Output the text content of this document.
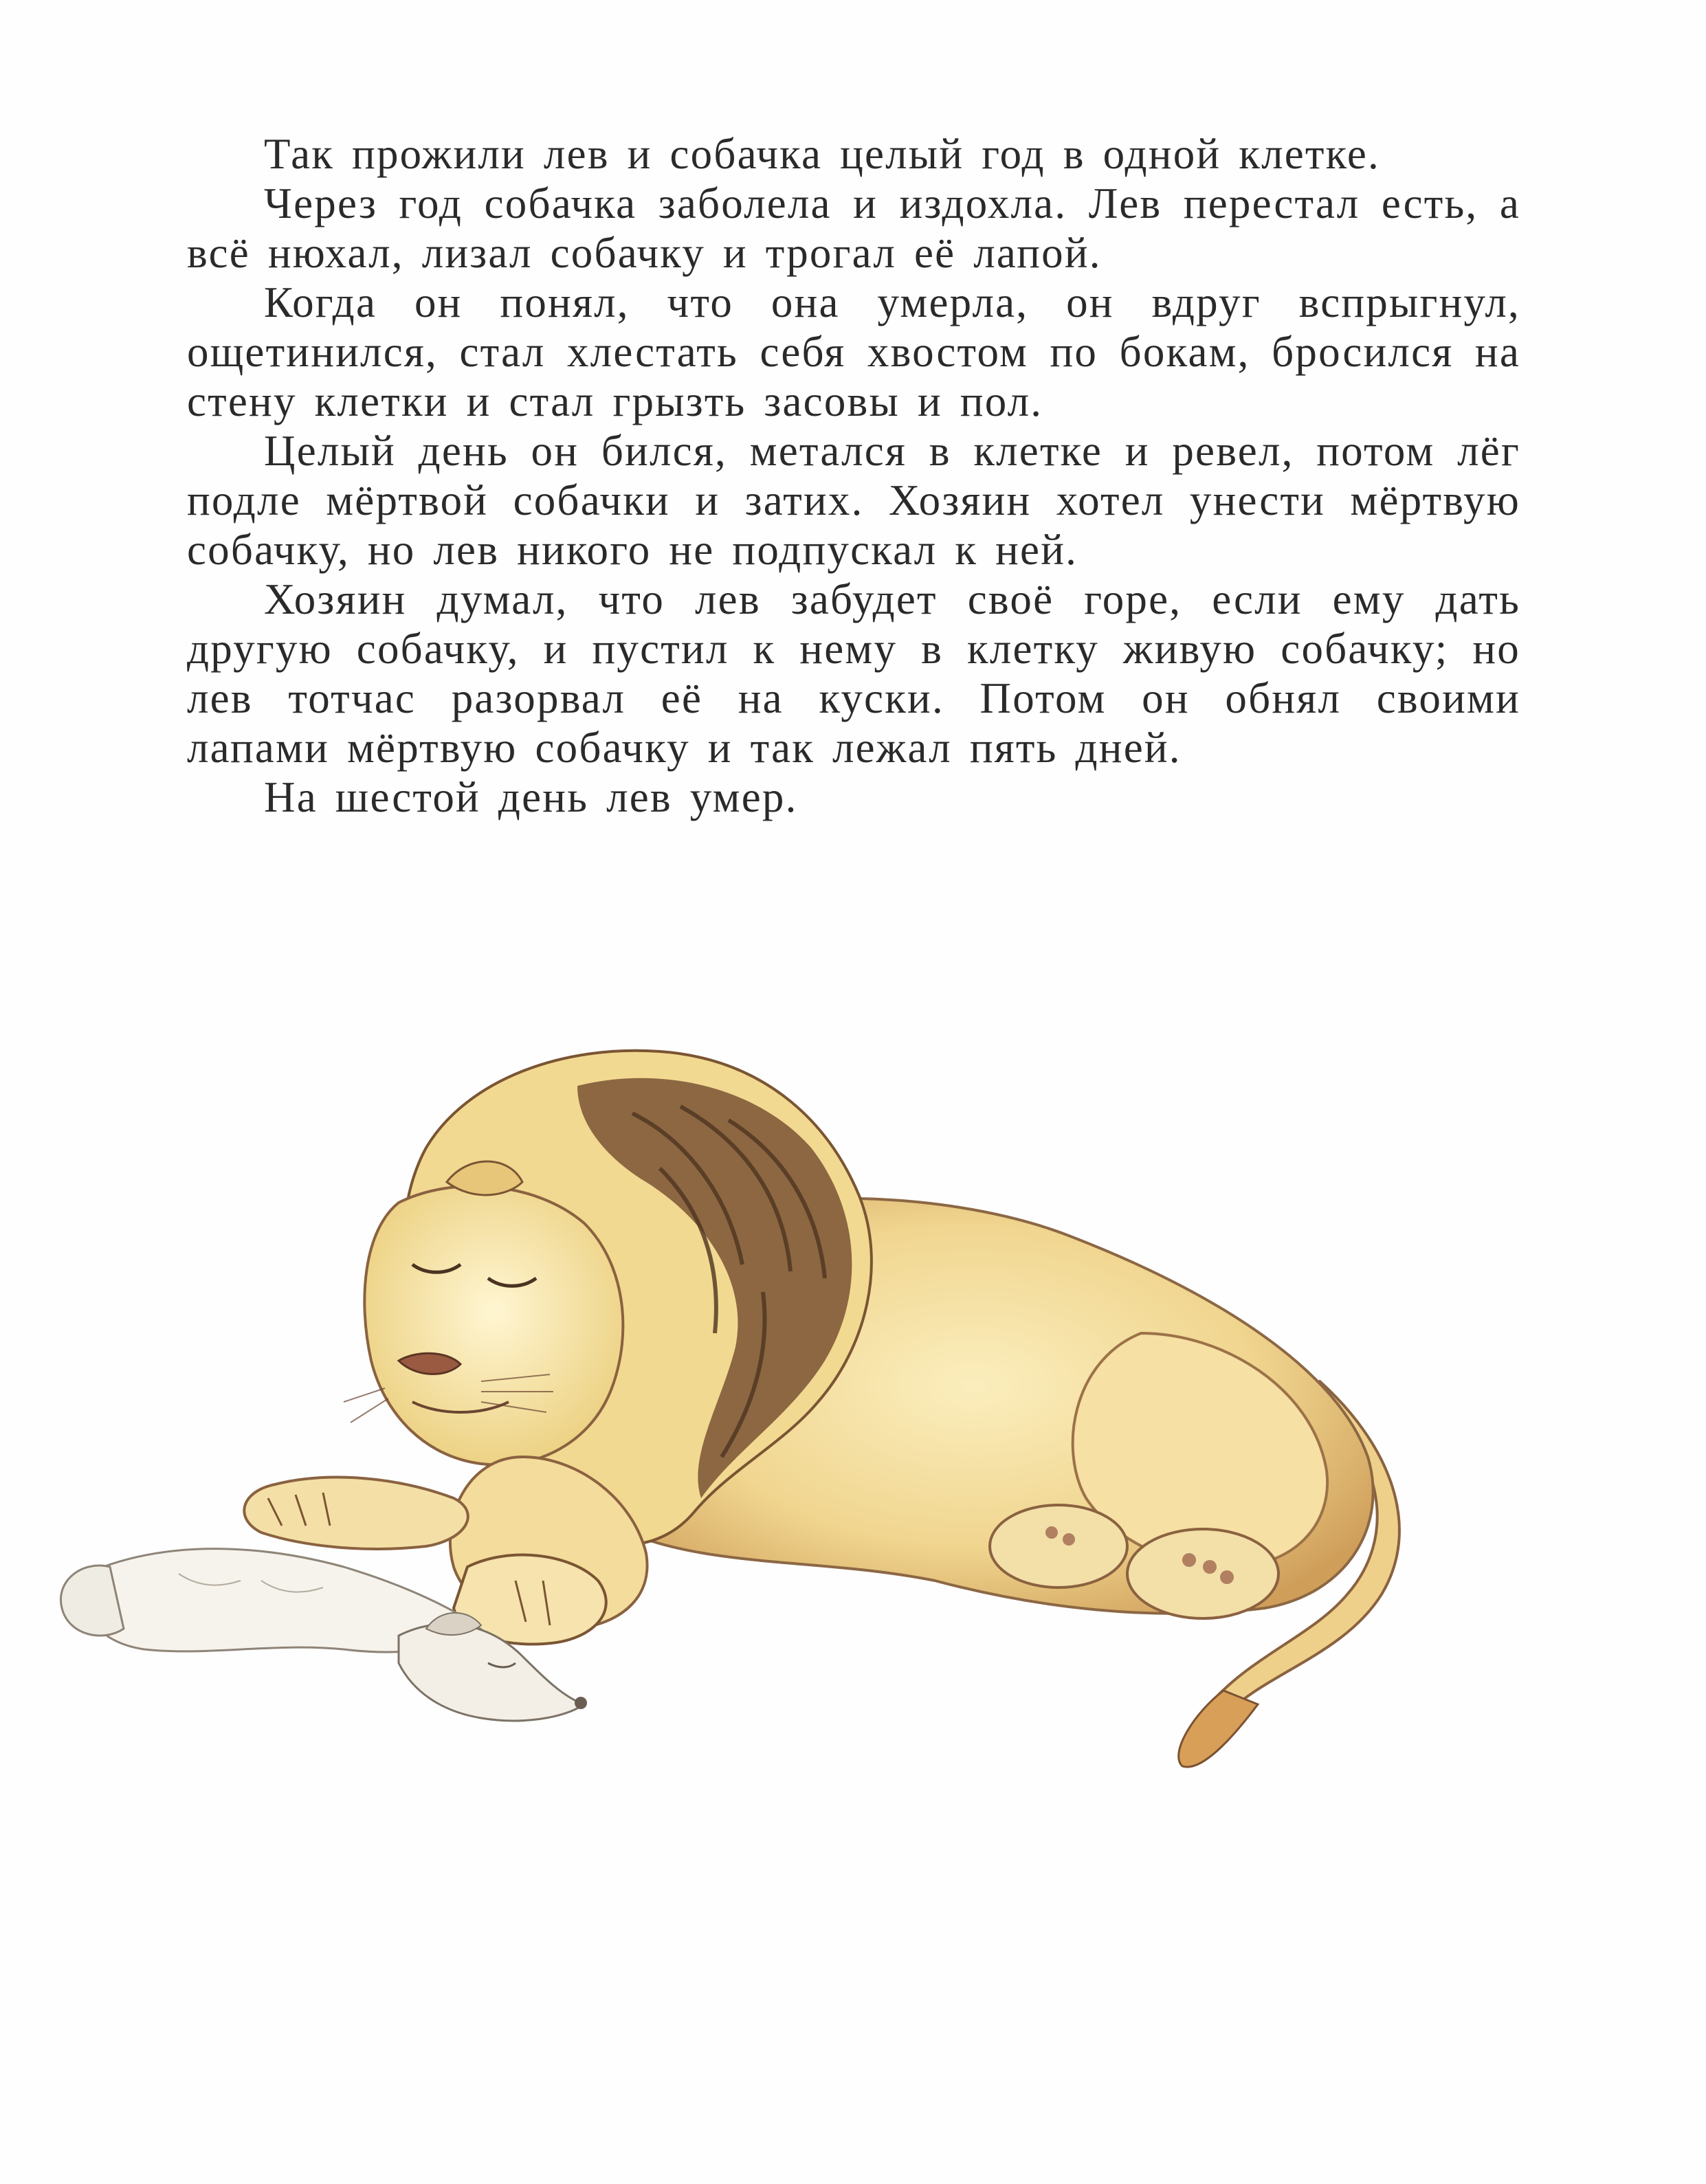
Так прожили лев и собачка целый год в одной клетке.

Через год собачка заболела и издохла. Лев перестал есть, а всё нюхал, лизал собачку и трогал её лапой.

Когда он понял, что она умерла, он вдруг вспрыгнул, ощетинился, стал хлестать себя хвостом по бокам, бросился на стену клетки и стал грызть засовы и пол.

Целый день он бился, метался в клетке и ревел, потом лёг подле мёртвой собачки и затих. Хозяин хотел унести мёртвую собачку, но лев никого не подпускал к ней.

Хозяин думал, что лев забудет своё горе, если ему дать другую собачку, и пустил к нему в клетку живую собачку; но лев тотчас разорвал её на куски. Потом он обнял своими лапами мёртвую собачку и так лежал пять дней.

На шестой день лев умер.
